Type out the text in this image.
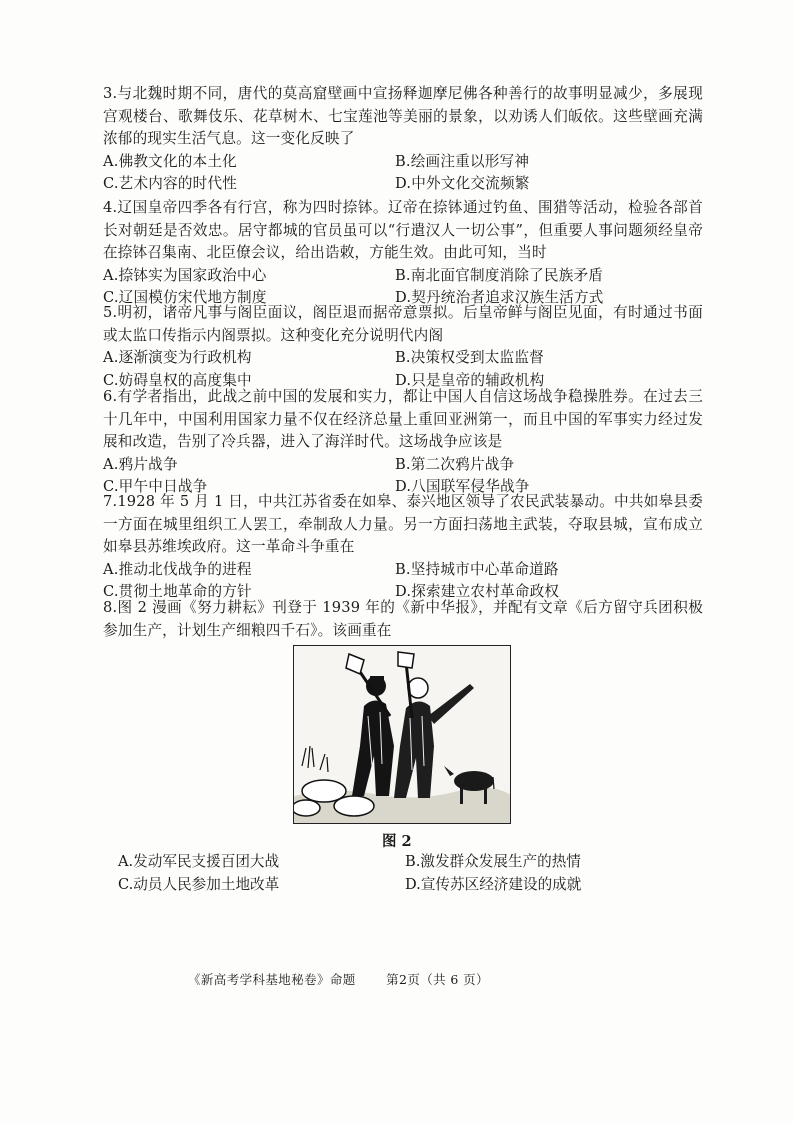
3.与北魏时期不同，唐代的莫高窟壁画中宣扬释迦摩尼佛各种善行的故事明显减少，多展现宫观楼台、歌舞伎乐、花草树木、七宝莲池等美丽的景象，以劝诱人们皈依。这些壁画充满浓郁的现实生活气息。这一变化反映了

A.佛教文化的本土化	B.绘画注重以形写神
C.艺术内容的时代性	D.中外文化交流频繁

4.辽国皇帝四季各有行宫，称为四时捺钵。辽帝在捺钵通过钓鱼、围猎等活动，检验各部首长对朝廷是否效忠。居守都城的官员虽可以“行遣汉人一切公事”，但重要人事问题须经皇帝在捺钵召集南、北臣僚会议，给出诰敕，方能生效。由此可知，当时

A.捺钵实为国家政治中心	B.南北面官制度消除了民族矛盾
C.辽国模仿宋代地方制度	D.契丹统治者追求汉族生活方式

5.明初，诸帝凡事与阁臣面议，阁臣退而据帝意票拟。后皇帝鲜与阁臣见面，有时通过书面或太监口传指示内阁票拟。这种变化充分说明代内阁

A.逐渐演变为行政机构	B.决策权受到太监监督
C.妨碍皇权的高度集中	D.只是皇帝的辅政机构

6.有学者指出，此战之前中国的发展和实力，都让中国人自信这场战争稳操胜券。在过去三十几年中，中国利用国家力量不仅在经济总量上重回亚洲第一，而且中国的军事实力经过发展和改造，告别了冷兵器，进入了海洋时代。这场战争应该是

A.鸦片战争	B.第二次鸦片战争
C.甲午中日战争	D.八国联军侵华战争

7.1928 年 5 月 1 日，中共江苏省委在如皋、泰兴地区领导了农民武装暴动。中共如皋县委一方面在城里组织工人罢工，牵制敌人力量。另一方面扫荡地主武装，夺取县城，宣布成立如皋县苏维埃政府。这一革命斗争重在

A.推动北伐战争的进程	B.坚持城市中心革命道路
C.贯彻土地革命的方针	D.探索建立农村革命政权

8.图 2 漫画《努力耕耘》刊登于 1939 年的《新中华报》，并配有文章《后方留守兵团积极参加生产，计划生产细粮四千石》。该画重在

图 2
A.发动军民支援百团大战	B.激发群众发展生产的热情
C.动员人民参加土地改革	D.宣传苏区经济建设的成就
《新高考学科基地秘卷》命题 第2页（共 6 页）
